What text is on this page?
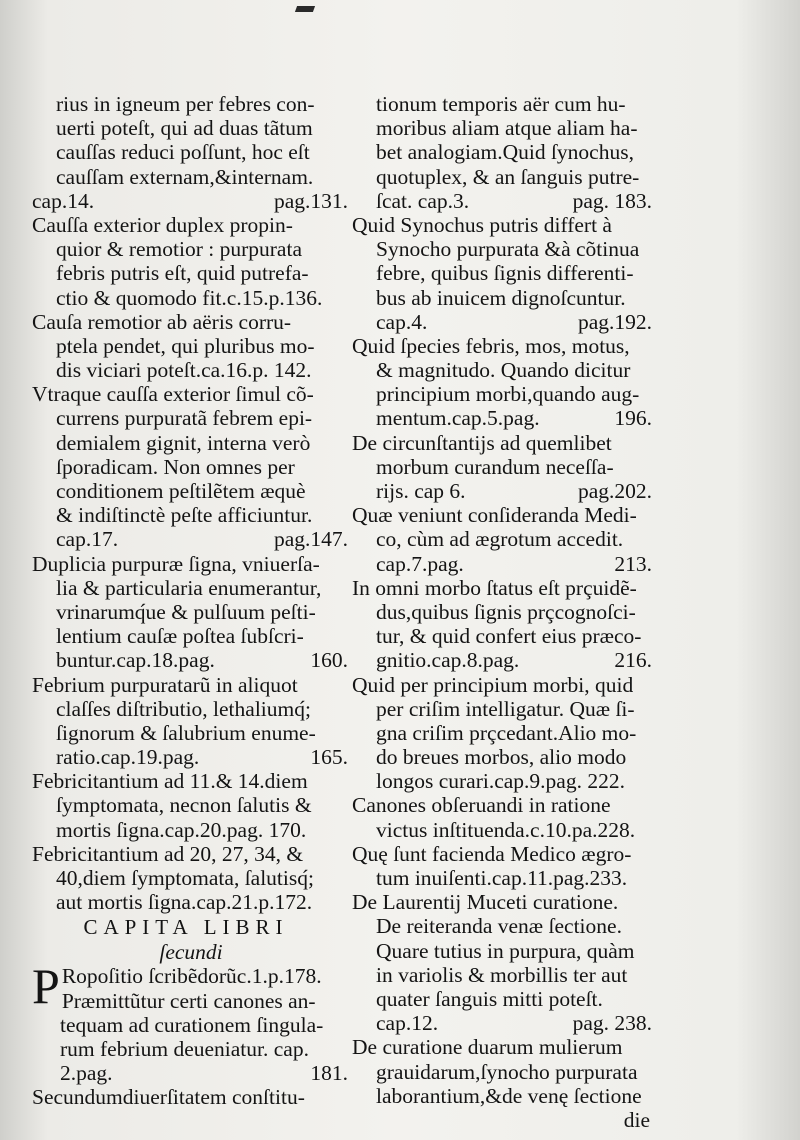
rius in igneum per febres con-
uerti poteſt, qui ad duas tãtum
cauſſas reduci poſſunt, hoc eſt
cauſſam externam,&internam.
cap.14.	pag.131.
Cauſſa exterior duplex propin-
quior & remotior : purpurata
febris putris eſt, quid putrefa-
ctio & quomodo fit.c.15.p.136.
Cauſa remotior ab aëris corru-
ptela pendet, qui pluribus mo-
dis viciari poteſt.ca.16.p. 142.
Vtraque cauſſa exterior ſimul cõ-
currens purpuratã febrem epi-
demialem gignit, interna verò
ſporadicam. Non omnes per
conditionem peſtilẽtem æquè
& indiſtinctè peſte afficiuntur.
cap.17.	pag.147.
Duplicia purpuræ ſigna, vniuerſa-
lia & particularia enumerantur,
vrinarumq́ue & pulſuum peſti-
lentium cauſæ poſtea ſubſcri-
buntur.cap.18.pag.	160.
Febrium purpuratarũ in aliquot
claſſes diſtributio, lethaliumq́;
ſignorum & ſalubrium enume-
ratio.cap.19.pag.	165.
Febricitantium ad 11.& 14.diem
ſymptomata, necnon ſalutis &
mortis ſigna.cap.20.pag. 170.
Febricitantium ad 20, 27, 34, &
40,diem ſymptomata, ſalutisq́;
aut mortis ſigna.cap.21.p.172.
CAPITA LIBRI
ſecundi
P Ropoſitio ſcribẽdorũc.1.p.178.
Præmittũtur certi canones an-
tequam ad curationem ſingula-
rum febrium deueniatur. cap.
2.pag.	181.
Secundumdiuerſitatem conſtitu-
tionum temporis aër cum hu-
moribus aliam atque aliam ha-
bet analogiam.Quid ſynochus,
quotuplex, & an ſanguis putre-
ſcat. cap.3.	pag. 183.
Quid Synochus putris differt à
Synocho purpurata &à cõtinua
febre, quibus ſignis differenti-
bus ab inuicem dignoſcuntur.
cap.4.	pag.192.
Quid ſpecies febris, mos, motus,
& magnitudo. Quando dicitur
principium morbi,quando aug-
mentum.cap.5.pag.	196.
De circunſtantijs ad quemlibet
morbum curandum neceſſa-
rijs. cap 6.	pag.202.
Quæ veniunt conſideranda Medi-
co, cùm ad ægrotum accedit.
cap.7.pag.	213.
In omni morbo ſtatus eſt prçuidẽ-
dus,quibus ſignis prçcognoſci-
tur, & quid confert eius præco-
gnitio.cap.8.pag.	216.
Quid per principium morbi, quid
per criſim intelligatur. Quæ ſi-
gna criſim prçcedant.Alio mo-
do breues morbos, alio modo
longos curari.cap.9.pag. 222.
Canones obſeruandi in ratione
victus inſtituenda.c.10.pa.228.
Quę ſunt facienda Medico ægro-
tum inuiſenti.cap.11.pag.233.
De Laurentij Muceti curatione.
De reiteranda venæ ſectione.
Quare tutius in purpura, quàm
in variolis & morbillis ter aut
quater ſanguis mitti poteſt.
cap.12.	pag. 238.
De curatione duarum mulierum
grauidarum,ſynocho purpurata
laborantium,&de venę ſectione
die
